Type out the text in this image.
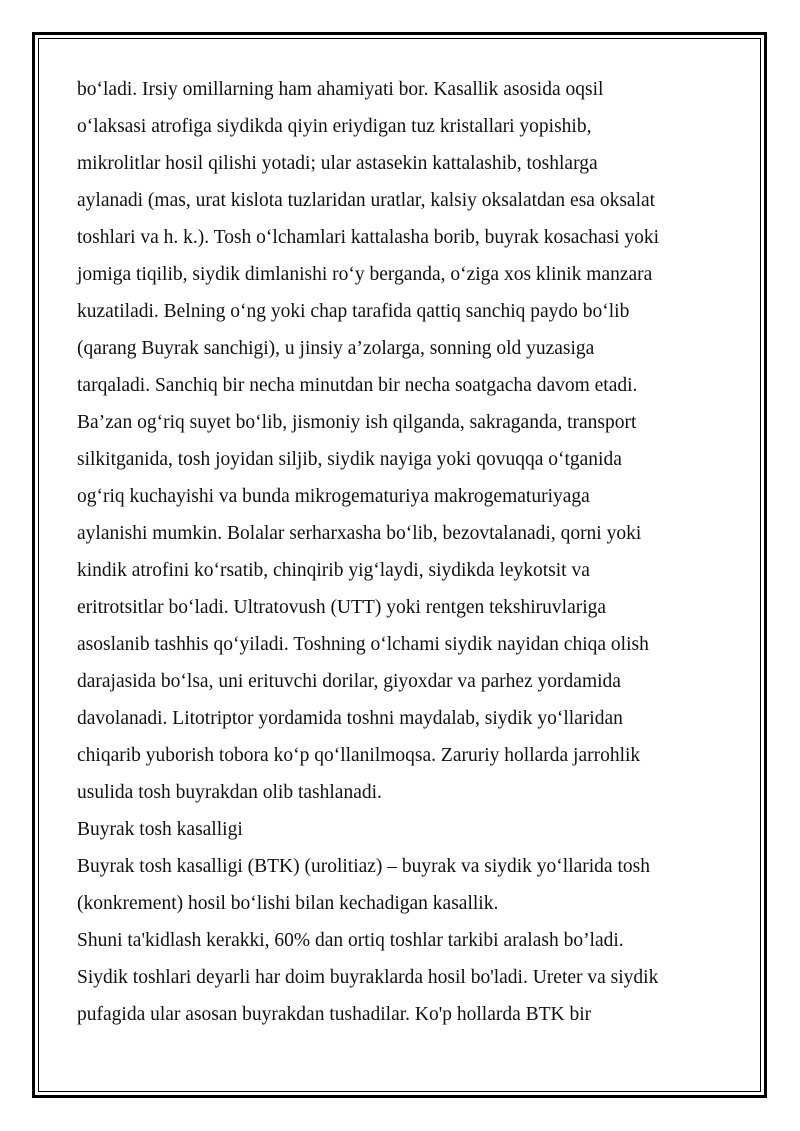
bo‘ladi. Irsiy omillarning ham ahamiyati bor. Kasallik asosida oqsil

o‘laksasi atrofiga siydikda qiyin eriydigan tuz kristallari yopishib,

mikrolitlar hosil qilishi yotadi; ular astasekin kattalashib, toshlarga

aylanadi (mas, urat kislota tuzlaridan uratlar, kalsiy oksalatdan esa oksalat

toshlari va h. k.). Tosh o‘lchamlari kattalasha borib, buyrak kosachasi yoki

jomiga tiqilib, siydik dimlanishi ro‘y berganda, o‘ziga xos klinik manzara

kuzatiladi. Belning o‘ng yoki chap tarafida qattiq sanchiq paydo bo‘lib

(qarang Buyrak sanchigi), u jinsiy a’zolarga, sonning old yuzasiga

tarqaladi. Sanchiq bir necha minutdan bir necha soatgacha davom etadi.

Ba’zan og‘riq suyet bo‘lib, jismoniy ish qilganda, sakraganda, transport

silkitganida, tosh joyidan siljib, siydik nayiga yoki qovuqqa o‘tganida

og‘riq kuchayishi va bunda mikrogematuriya makrogematuriyaga

aylanishi mumkin. Bolalar serharxasha bo‘lib, bezovtalanadi, qorni yoki

kindik atrofini ko‘rsatib, chinqirib yig‘laydi, siydikda leykotsit va

eritrotsitlar bo‘ladi. Ultratovush (UTT) yoki rentgen tekshiruvlariga

asoslanib tashhis qo‘yiladi. Toshning o‘lchami siydik nayidan chiqa olish

darajasida bo‘lsa, uni erituvchi dorilar, giyoxdar va parhez yordamida

davolanadi. Litotriptor yordamida toshni maydalab, siydik yo‘llaridan

chiqarib yuborish tobora ko‘p qo‘llanilmoqsa. Zaruriy hollarda jarrohlik

usulida tosh buyrakdan olib tashlanadi.

Buyrak tosh kasalligi

Buyrak tosh kasalligi (BTK) (urolitiaz) – buyrak va siydik yo‘llarida tosh

(konkrement) hosil bo‘lishi bilan kechadigan kasallik.

Shuni ta'kidlash kerakki, 60% dan ortiq toshlar tarkibi aralash bo’ladi.

Siydik toshlari deyarli har doim buyraklarda hosil bo'ladi. Ureter va siydik

pufagida ular asosan buyrakdan tushadilar. Ko'p hollarda BTK bir
